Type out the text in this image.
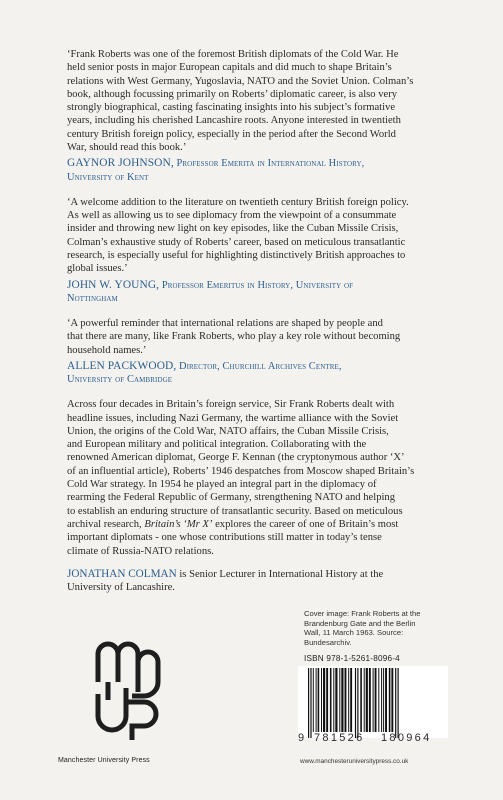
‘Frank Roberts was one of the foremost British diplomats of the Cold War. He
held senior posts in major European capitals and did much to shape Britain’s
relations with West Germany, Yugoslavia, NATO and the Soviet Union. Colman’s
book, although focussing primarily on Roberts’ diplomatic career, is also very
strongly biographical, casting fascinating insights into his subject’s formative
years, including his cherished Lancashire roots. Anyone interested in twentieth
century British foreign policy, especially in the period after the Second World
War, should read this book.’

GAYNOR JOHNSON, Professor Emerita in International History,
University of Kent

‘A welcome addition to the literature on twentieth century British foreign policy.
As well as allowing us to see diplomacy from the viewpoint of a consummate
insider and throwing new light on key episodes, like the Cuban Missile Crisis,
Colman’s exhaustive study of Roberts’ career, based on meticulous transatlantic
research, is especially useful for highlighting distinctively British approaches to
global issues.’

JOHN W. YOUNG, Professor Emeritus in History, University of
Nottingham

‘A powerful reminder that international relations are shaped by people and
that there are many, like Frank Roberts, who play a key role without becoming
household names.’

ALLEN PACKWOOD, Director, Churchill Archives Centre,
University of Cambridge

Across four decades in Britain’s foreign service, Sir Frank Roberts dealt with
headline issues, including Nazi Germany, the wartime alliance with the Soviet
Union, the origins of the Cold War, NATO affairs, the Cuban Missile Crisis,
and European military and political integration. Collaborating with the
renowned American diplomat, George F. Kennan (the cryptonymous author ‘X’
of an influential article), Roberts’ 1946 despatches from Moscow shaped Britain’s
Cold War strategy. In 1954 he played an integral part in the diplomacy of
rearming the Federal Republic of Germany, strengthening NATO and helping
to establish an enduring structure of transatlantic security. Based on meticulous
archival research, Britain’s ‘Mr X’ explores the career of one of Britain’s most
important diplomats - one whose contributions still matter in today’s tense
climate of Russia-NATO relations.

JONATHAN COLMAN is Senior Lecturer in International History at the
University of Lancashire.

Cover image: Frank Roberts at the
Brandenburg Gate and the Berlin
Wall, 11 March 1963. Source:
Bundesarchiv.

ISBN 978-1-5261-8096-4

9 781526 180964
www.manchesteruniversitypress.co.uk
Manchester University Press
